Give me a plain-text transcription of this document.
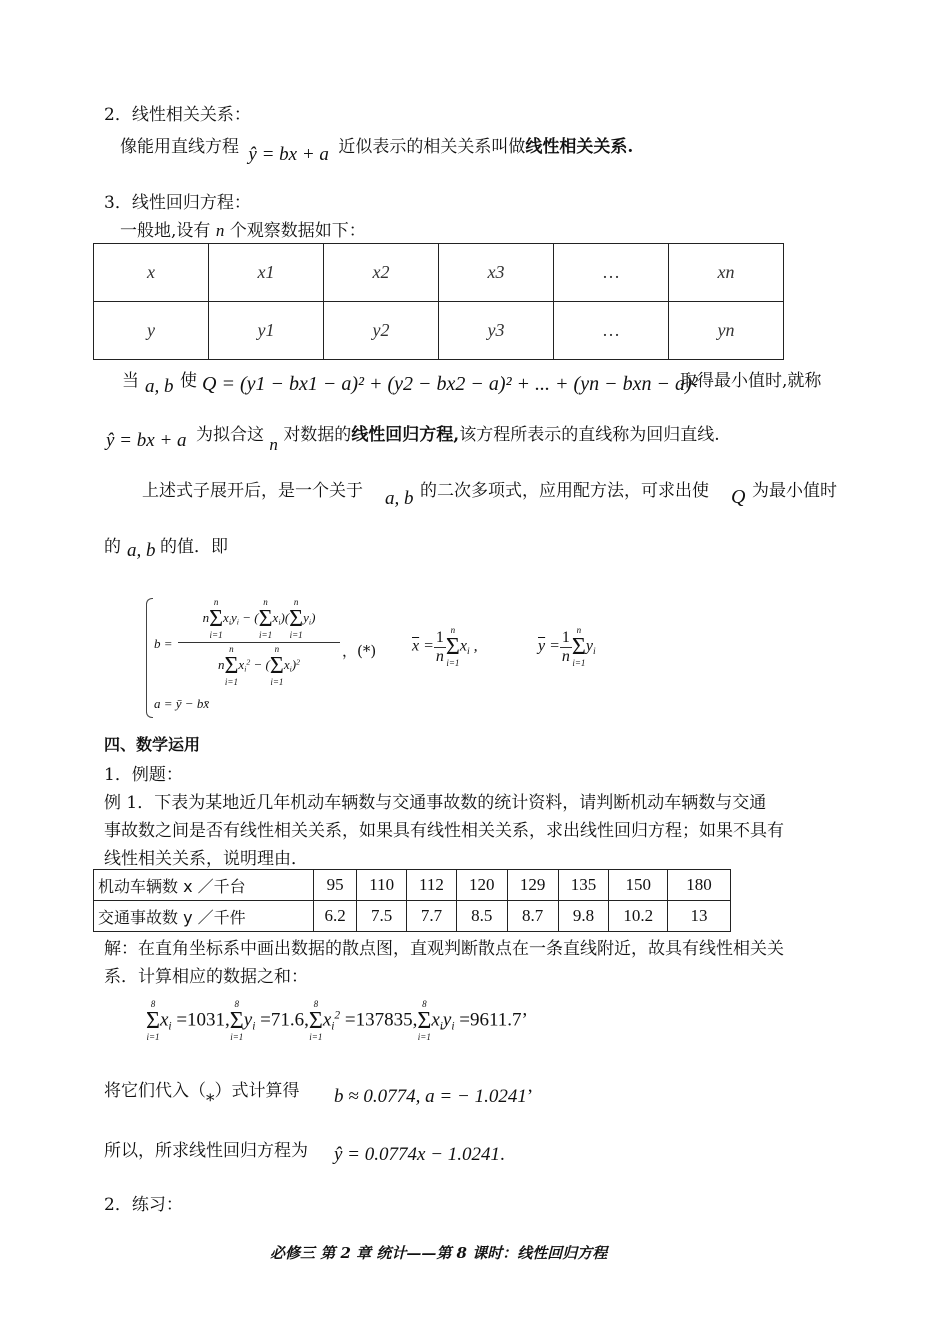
2．线性相关关系：
像能用直线方程 ŷ = bx + a 近似表示的相关关系叫做线性相关关系.
3．线性回归方程：
一般地,设有 n 个观察数据如下：
x	x1	x2	x3	…	xn
y	y1	y2	y3	…	yn
当 a, b 使 Q = (y1 − bx1 − a)² + (y2 − bx2 − a)² + ... + (yn − bxn − a)²
取得最小值时,就称
ŷ = bx + a 为拟合这 n 对数据的线性回归方程,该方程所表示的直线称为回归直线.
上述式子展开后，是一个关于 a, b 的二次多项式，应用配方法，可求出使 Q 为最小值时
的 a, b 的值．即
b =
n
n
Σ
i=1
$x_iy_i$ − (
n
Σ
i=1
$x_i$)(
n
Σ
i=1
$y_i$)
n
n
Σ
i=1
$x_i^2$ − (
n
Σ
i=1
$x_i)^2$
a = ȳ − bx̄
，(*) $\overline{x} = \frac{1}{n}$ n
Σ
i=1
$x_i$ ,	$\overline{y} = \frac{1}{n}$ n
Σ
i=1
$y_i$
四、数学运用
1．例题：
例 1．下表为某地近几年机动车辆数与交通事故数的统计资料，请判断机动车辆数与交通
事故数之间是否有线性相关关系，如果具有线性相关关系，求出线性回归方程；如果不具有
线性相关关系，说明理由．
机动车辆数 x ／千台	95	110	112	120	129	135	150	180
交通事故数 y ／千件	6.2	7.5	7.7	8.5	8.7	9.8	10.2	13
解：在直角坐标系中画出数据的散点图，直观判断散点在一条直线附近，故具有线性相关关
系．计算相应的数据之和：
8
Σ
i=1
$x_i =1031$,
8
Σ
i=1
$y_i =71.6$,
8
Σ
i=1
$x_i^2 =137835$,
8
Σ
i=1
$x_iy_i =9611.7$’
将它们代入（*）式计算得 b ≈ 0.0774, a = − 1.0241’
所以，所求线性回归方程为 ŷ = 0.0774x − 1.0241.
2．练习：
必修三 第 2 章 统计——第 8 课时：线性回归方程
